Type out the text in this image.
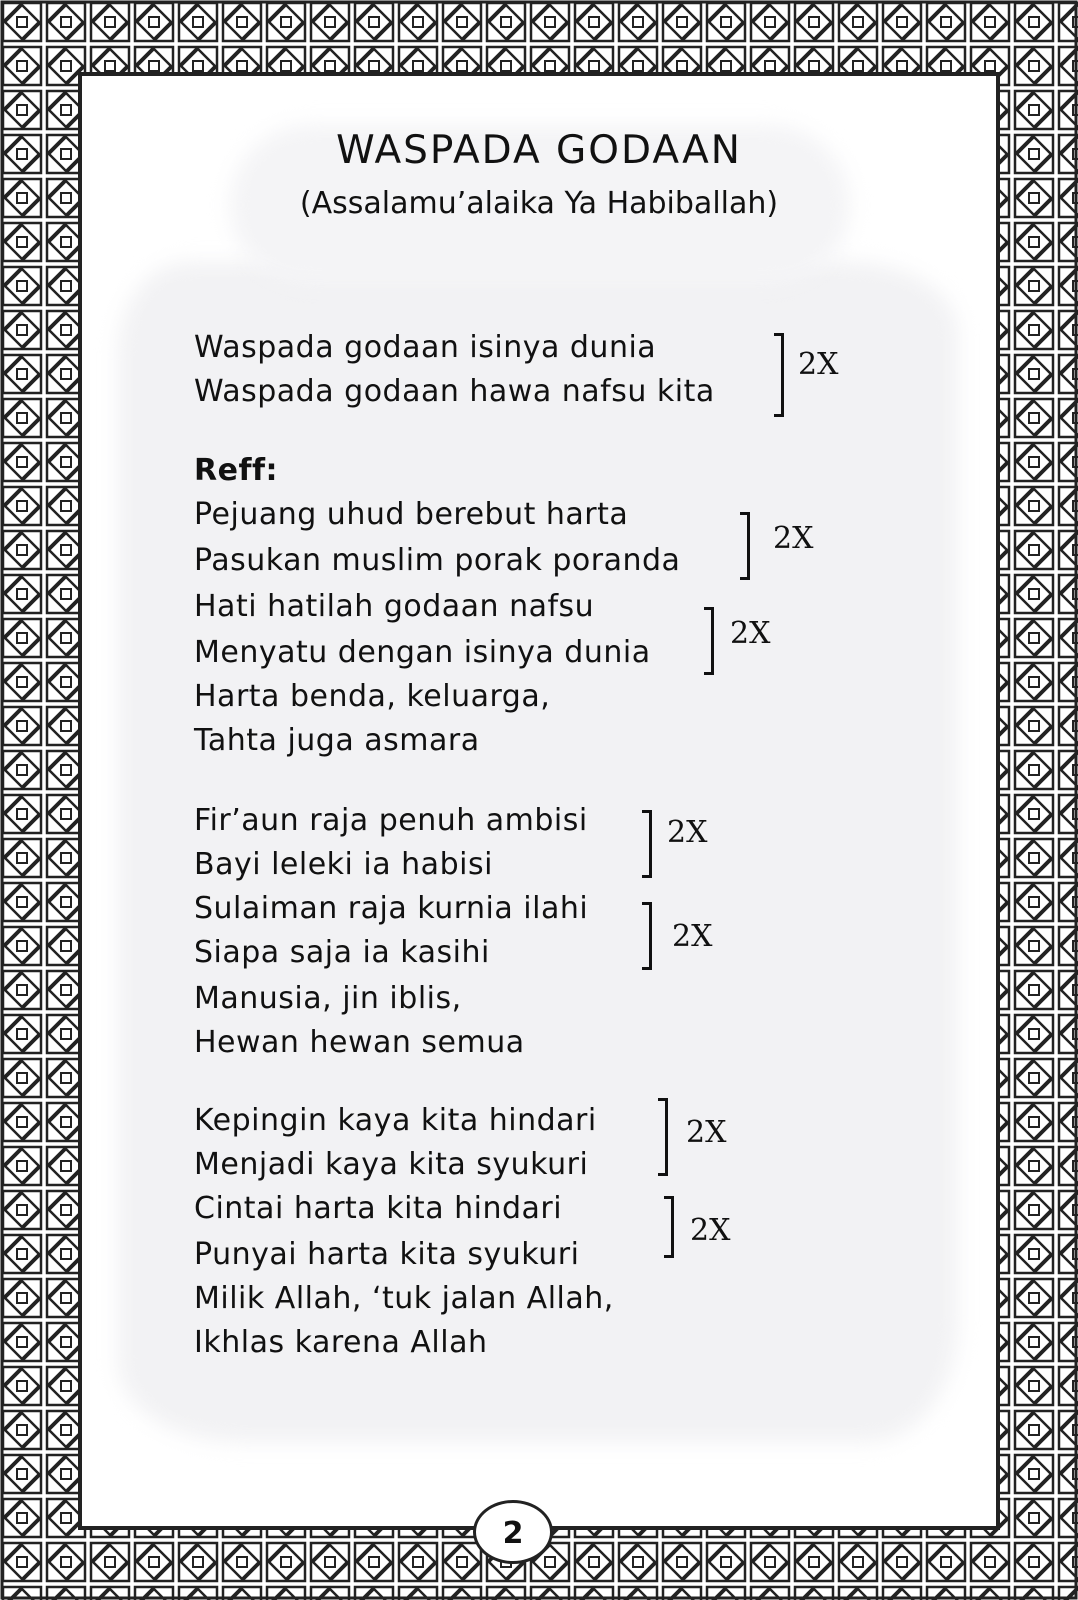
WASPADA GODAAN
(Assalamu’alaika Ya Habiballah)
Waspada godaan isinya dunia
Waspada godaan hawa nafsu kita
2X
Reff:
Pejuang uhud berebut harta
Pasukan muslim porak poranda
2X
Hati hatilah godaan nafsu
Menyatu dengan isinya dunia
2X
Harta benda, keluarga,
Tahta juga asmara
Fir’aun raja penuh ambisi
Bayi leleki ia habisi
2X
Sulaiman raja kurnia ilahi
Siapa saja ia kasihi	2X
Manusia, jin iblis,
Hewan hewan semua
Kepingin kaya kita hindari
Menjadi kaya kita syukuri
2X
Cintai harta kita hindari
Punyai harta kita syukuri
2X
Milik Allah, ‘tuk jalan Allah,
Ikhlas karena Allah
2
